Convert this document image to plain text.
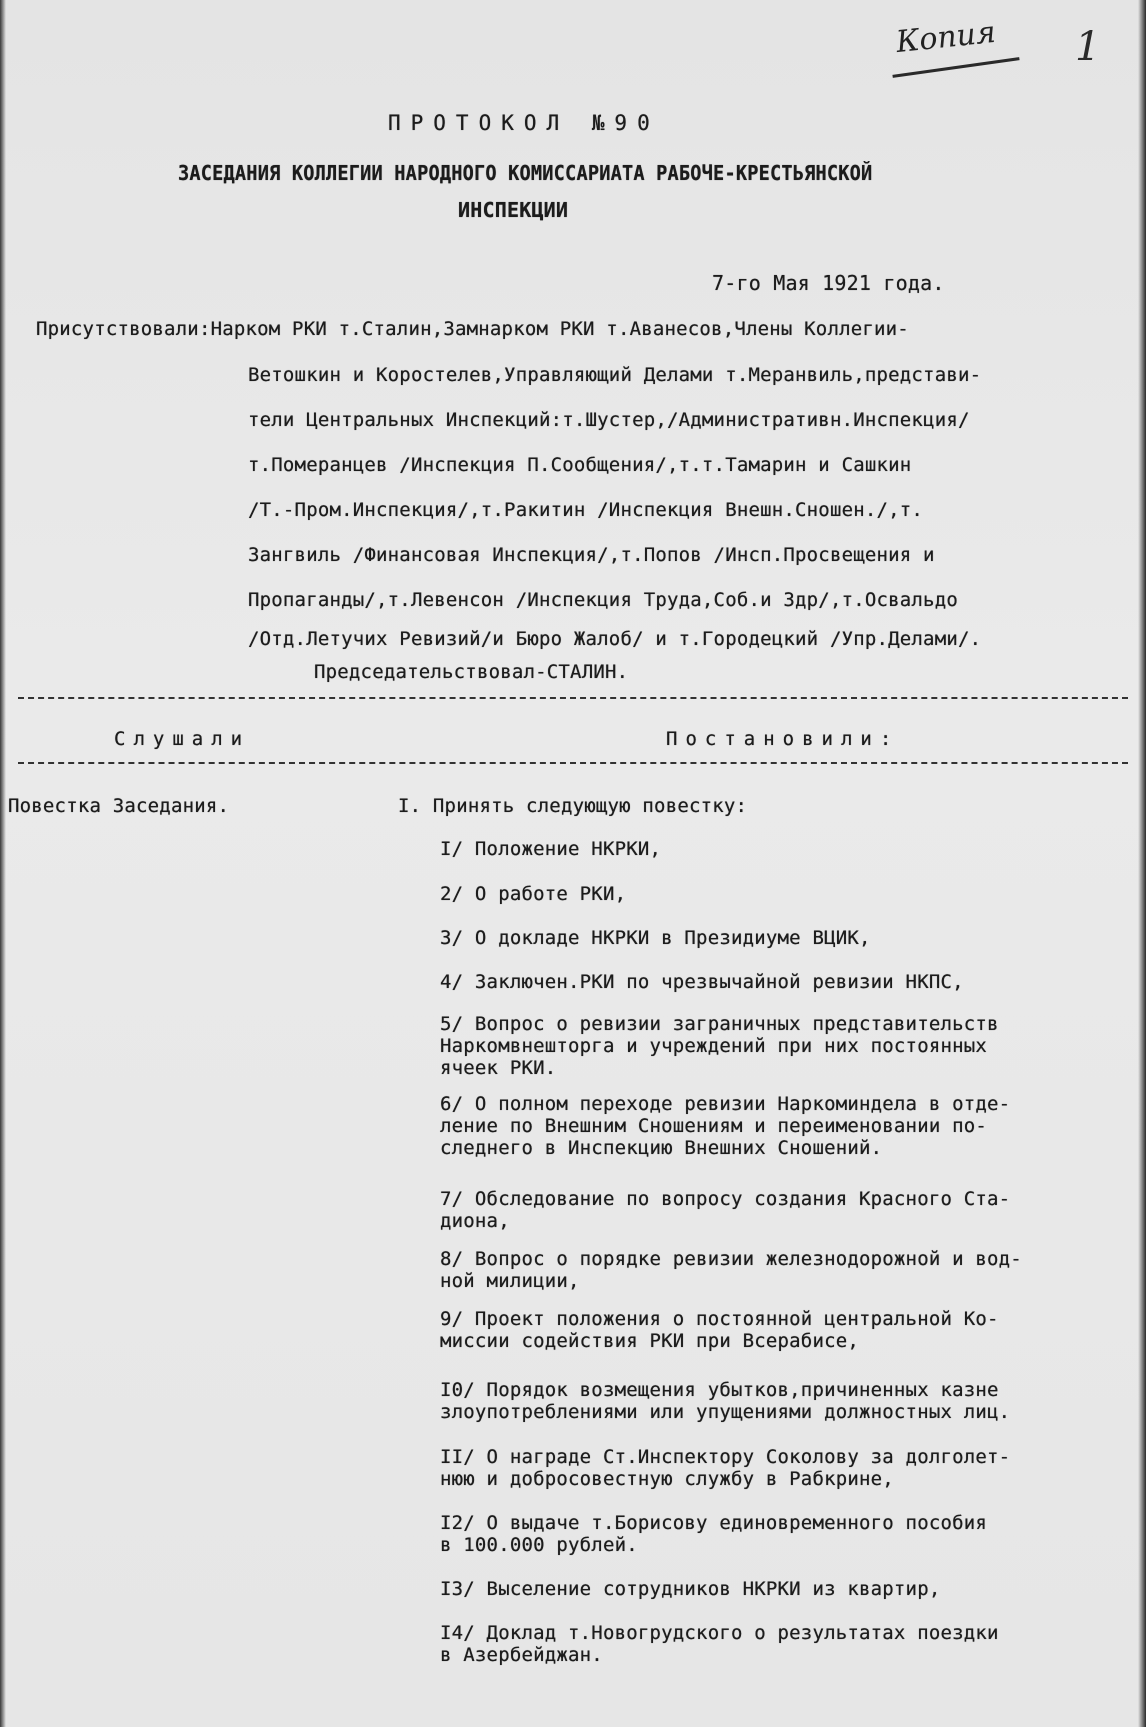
Копия 1
ПРОТОКОЛ №90
ЗАСЕДАНИЯ КОЛЛЕГИИ НАРОДНОГО КОМИССАРИАТА РАБОЧЕ-КРЕСТЬЯНСКОЙ
ИНСПЕКЦИИ
7-го Мая 1921 года.
Присутствовали:Нарком РКИ т.Сталин,Замнарком РКИ т.Аванесов,Члены Коллегии-
Ветошкин и Коростелев,Управляющий Делами т.Меранвиль,представи-
тели Центральных Инспекций:т.Шустер,/Административн.Инспекция/
т.Померанцев /Инспекция П.Сообщения/,т.т.Тамарин и Сашкин
/Т.-Пром.Инспекция/,т.Ракитин /Инспекция Внешн.Сношен./,т.
Зангвиль /Финансовая Инспекция/,т.Попов /Инсп.Просвещения и
Пропаганды/,т.Левенсон /Инспекция Труда,Соб.и Здр/,т.Освальдо
/Отд.Летучих Ревизий/и Бюро Жалоб/ и т.Городецкий /Упр.Делами/.
Председательствовал-СТАЛИН.
Слушали	Постановили:
Повестка Заседания.	I. Принять следующую повестку:
I/ Положение НКРКИ,
2/ О работе РКИ,
3/ О докладе НКРКИ в Президиуме ВЦИК,
4/ Заключен.РКИ по чрезвычайной ревизии НКПС,
5/ Вопрос о ревизии заграничных представительств
Наркомвнешторга и учреждений при них постоянных
ячеек РКИ.
6/ О полном переходе ревизии Наркоминдела в отде-
ление по Внешним Сношениям и переименовании по-
следнего в Инспекцию Внешних Сношений.
7/ Обследование по вопросу создания Красного Ста-
диона,
8/ Вопрос о порядке ревизии железнодорожной и вод-
ной милиции,
9/ Проект положения о постоянной центральной Ко-
миссии содействия РКИ при Всерабисе,
I0/ Порядок возмещения убытков,причиненных казне
злоупотреблениями или упущениями должностных лиц.
II/ О награде Ст.Инспектору Соколову за долголет-
нюю и добросовестную службу в Рабкрине,
I2/ О выдаче т.Борисову единовременного пособия
в 100.000 рублей.
I3/ Выселение сотрудников НКРКИ из квартир,
I4/ Доклад т.Новогрудского о результатах поездки
в Азербейджан.
